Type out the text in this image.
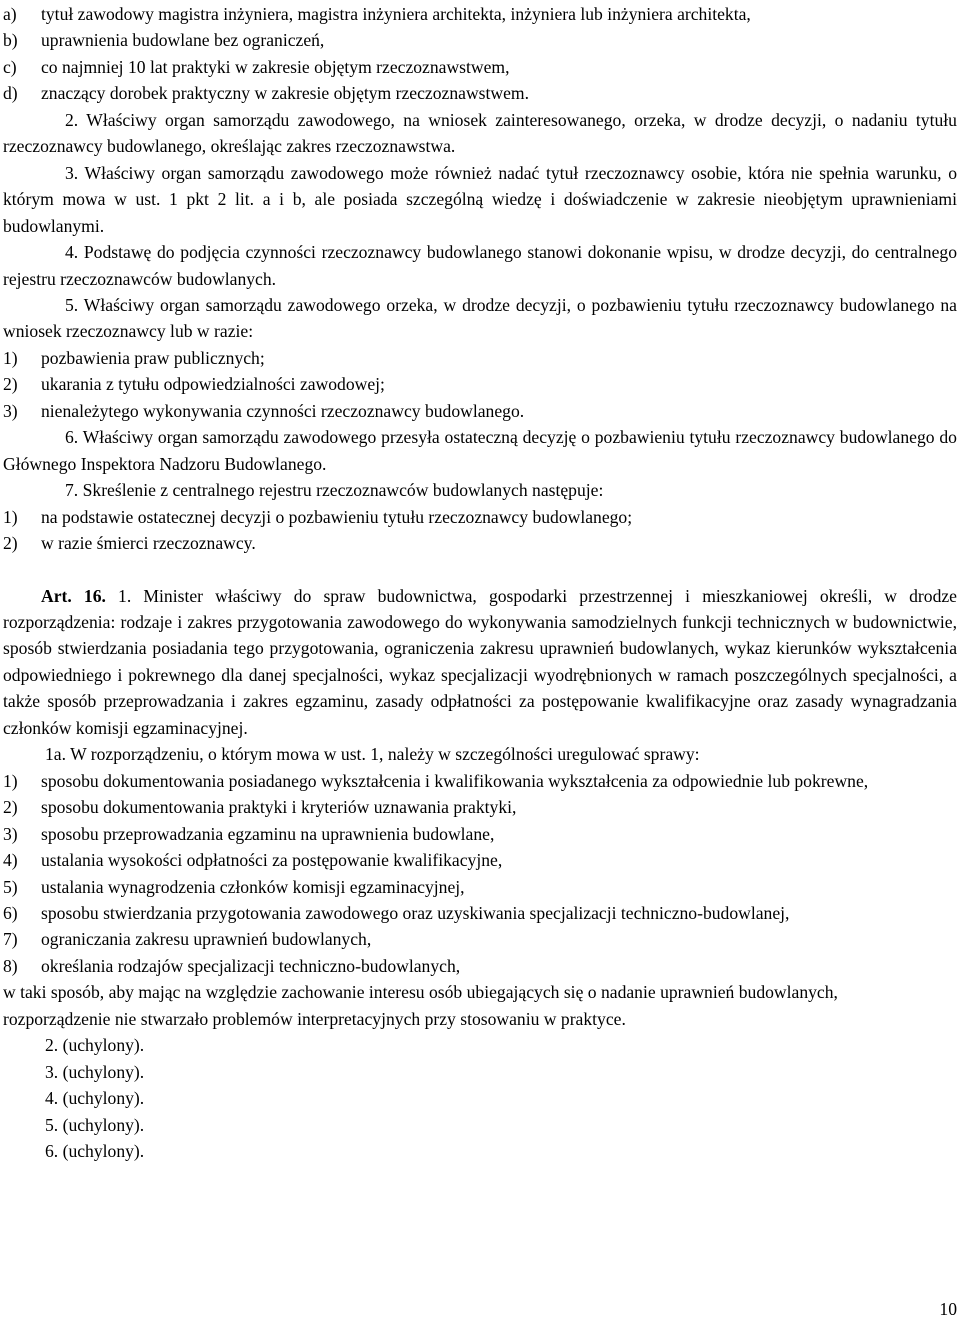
a)	tytuł zawodowy magistra inżyniera, magistra inżyniera architekta, inżyniera lub inżyniera architekta,
b)	uprawnienia budowlane bez ograniczeń,
c)	co najmniej 10 lat praktyki w zakresie objętym rzeczoznawstwem,
d)	znaczący dorobek praktyczny w zakresie objętym rzeczoznawstwem.

2. Właściwy organ samorządu zawodowego, na wniosek zainteresowanego, orzeka, w drodze decyzji, o nadaniu tytułu rzeczoznawcy budowlanego, określając zakres rzeczoznawstwa.

3. Właściwy organ samorządu zawodowego może również nadać tytuł rzeczoznawcy osobie, która nie spełnia warunku, o którym mowa w ust. 1 pkt 2 lit. a i b, ale posiada szczególną wiedzę i doświadczenie w zakresie nieobjętym uprawnieniami budowlanymi.

4. Podstawę do podjęcia czynności rzeczoznawcy budowlanego stanowi dokonanie wpisu, w drodze decyzji, do centralnego rejestru rzeczoznawców budowlanych.

5. Właściwy organ samorządu zawodowego orzeka, w drodze decyzji, o pozbawieniu tytułu rzeczoznawcy budowlanego na wniosek rzeczoznawcy lub w razie:

1)	pozbawienia praw publicznych;
2)	ukarania z tytułu odpowiedzialności zawodowej;
3)	nienależytego wykonywania czynności rzeczoznawcy budowlanego.

6. Właściwy organ samorządu zawodowego przesyła ostateczną decyzję o pozbawieniu tytułu rzeczoznawcy budowlanego do Głównego Inspektora Nadzoru Budowlanego.

7. Skreślenie z centralnego rejestru rzeczoznawców budowlanych następuje:

1)	na podstawie ostatecznej decyzji o pozbawieniu tytułu rzeczoznawcy budowlanego;
2)	w razie śmierci rzeczoznawcy.

Art. 16. 1. Minister właściwy do spraw budownictwa, gospodarki przestrzennej i mieszkaniowej określi, w drodze rozporządzenia: rodzaje i zakres przygotowania zawodowego do wykonywania samodzielnych funkcji technicznych w budownictwie, sposób stwierdzania posiadania tego przygotowania, ograniczenia zakresu uprawnień budowlanych, wykaz kierunków wykształcenia odpowiedniego i pokrewnego dla danej specjalności, wykaz specjalizacji wyodrębnionych w ramach poszczególnych specjalności, a także sposób przeprowadzania i zakres egzaminu, zasady odpłatności za postępowanie kwalifikacyjne oraz zasady wynagradzania członków komisji egzaminacyjnej.

1a. W rozporządzeniu, o którym mowa w ust. 1, należy w szczególności uregulować sprawy:

1)	sposobu dokumentowania posiadanego wykształcenia i kwalifikowania wykształcenia za odpowiednie lub pokrewne,
2)	sposobu dokumentowania praktyki i kryteriów uznawania praktyki,
3)	sposobu przeprowadzania egzaminu na uprawnienia budowlane,
4)	ustalania wysokości odpłatności za postępowanie kwalifikacyjne,
5)	ustalania wynagrodzenia członków komisji egzaminacyjnej,
6)	sposobu stwierdzania przygotowania zawodowego oraz uzyskiwania specjalizacji techniczno-budowlanej,
7)	ograniczania zakresu uprawnień budowlanych,
8)	określania rodzajów specjalizacji techniczno-budowlanych,

w taki sposób, aby mając na względzie zachowanie interesu osób ubiegających się o nadanie uprawnień budowlanych, rozporządzenie nie stwarzało problemów interpretacyjnych przy stosowaniu w praktyce.

2. (uchylony).

3. (uchylony).

4. (uchylony).

5. (uchylony).

6. (uchylony).

10
